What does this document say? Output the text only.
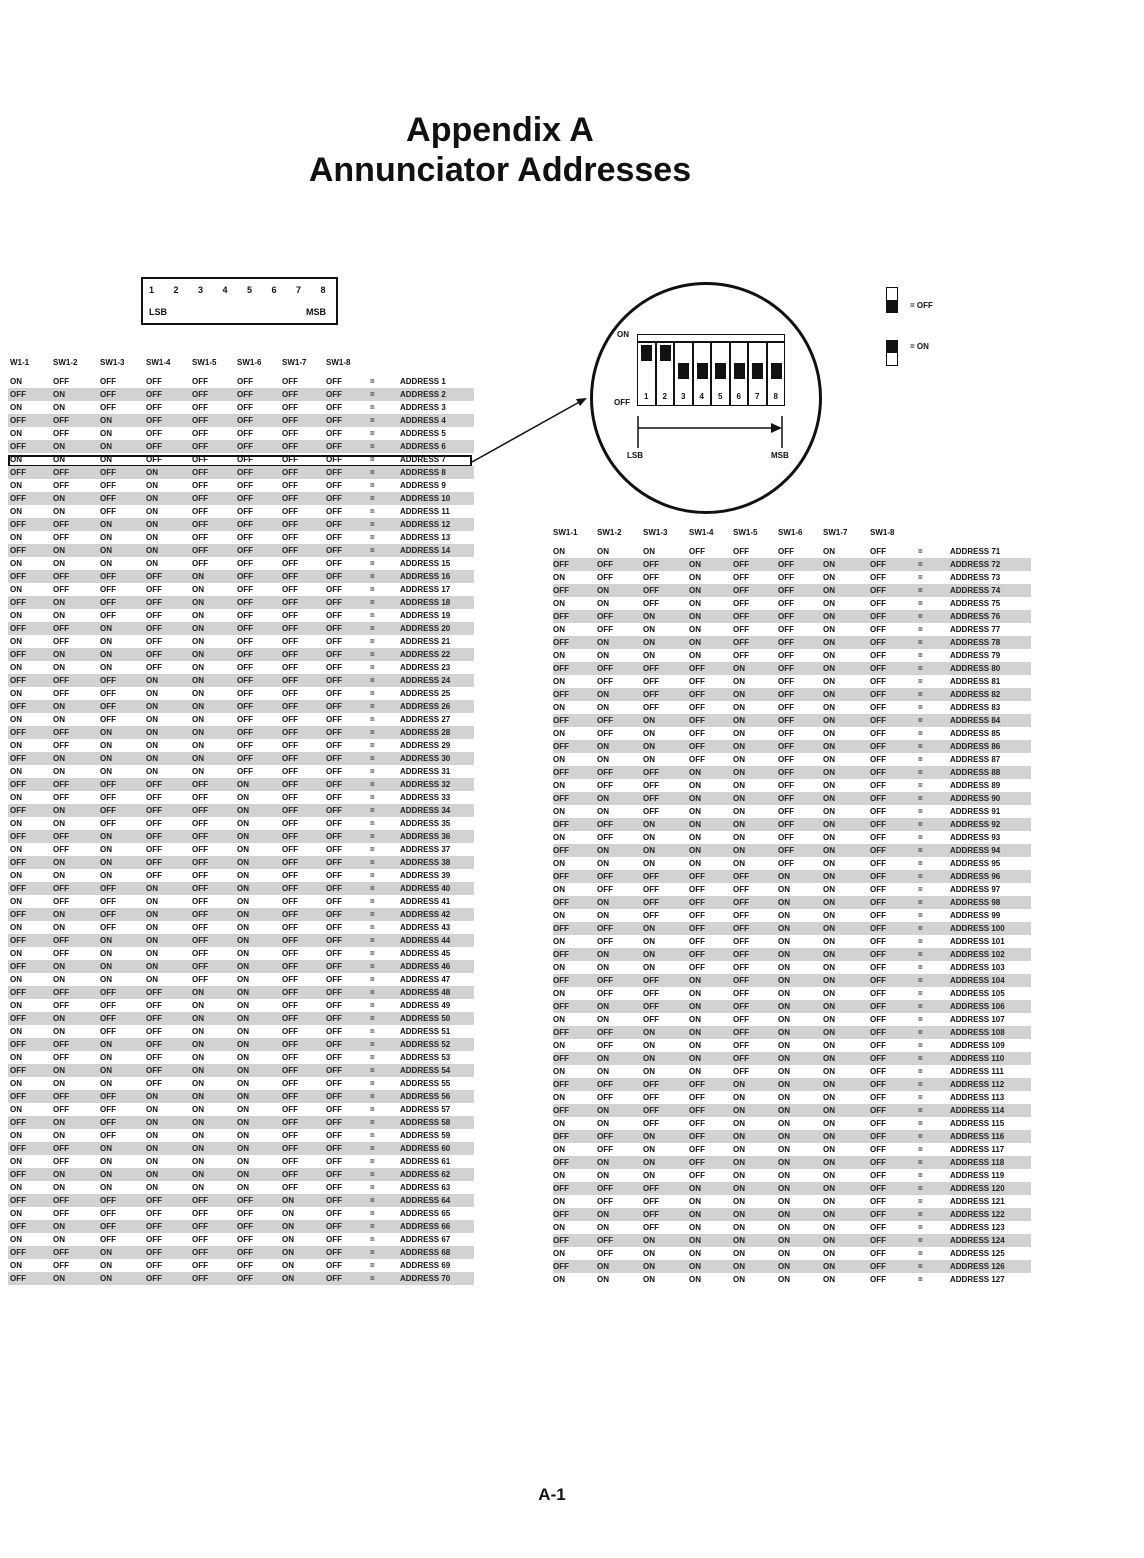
Appendix A
Annunciator Addresses
1	2	3	4	5	6	7	8
LSB	MSB
1	2	3	4	5	6	7	8
ON
OFF
LSB	MSB
= OFF
= ON
W1-1	SW1-2	SW1-3	SW1-4	SW1-5	SW1-6	SW1-7 SW1-8
ON	OFF	OFF	OFF	OFF	OFF	OFF	OFF	=	ADDRESS 1
OFF	ON	OFF	OFF	OFF	OFF	OFF	OFF	=	ADDRESS 2
ON	ON	OFF	OFF	OFF	OFF	OFF	OFF	=	ADDRESS 3
OFF	OFF	ON	OFF	OFF	OFF	OFF	OFF	=	ADDRESS 4
ON	OFF	ON	OFF	OFF	OFF	OFF	OFF	=	ADDRESS 5
OFF	ON	ON	OFF	OFF	OFF	OFF	OFF	=	ADDRESS 6
ON	ON	ON	OFF	OFF	OFF	OFF	OFF	=	ADDRESS 7
OFF	OFF	OFF	ON	OFF	OFF	OFF	OFF	=	ADDRESS 8
ON	OFF	OFF	ON	OFF	OFF	OFF	OFF	=	ADDRESS 9
OFF	ON	OFF	ON	OFF	OFF	OFF	OFF	=	ADDRESS 10
ON	ON	OFF	ON	OFF	OFF	OFF	OFF	=	ADDRESS 11
OFF	OFF	ON	ON	OFF	OFF	OFF	OFF	=	ADDRESS 12
ON	OFF	ON	ON	OFF	OFF	OFF	OFF	=	ADDRESS 13
OFF	ON	ON	ON	OFF	OFF	OFF	OFF	=	ADDRESS 14
ON	ON	ON	ON	OFF	OFF	OFF	OFF	=	ADDRESS 15
OFF	OFF	OFF	OFF	ON	OFF	OFF	OFF	=	ADDRESS 16
ON	OFF	OFF	OFF	ON	OFF	OFF	OFF	=	ADDRESS 17
OFF	ON	OFF	OFF	ON	OFF	OFF	OFF	=	ADDRESS 18
ON	ON	OFF	OFF	ON	OFF	OFF	OFF	=	ADDRESS 19
OFF	OFF	ON	OFF	ON	OFF	OFF	OFF	=	ADDRESS 20
ON	OFF	ON	OFF	ON	OFF	OFF	OFF	=	ADDRESS 21
OFF	ON	ON	OFF	ON	OFF	OFF	OFF	=	ADDRESS 22
ON	ON	ON	OFF	ON	OFF	OFF	OFF	=	ADDRESS 23
OFF	OFF	OFF	ON	ON	OFF	OFF	OFF	=	ADDRESS 24
ON	OFF	OFF	ON	ON	OFF	OFF	OFF	=	ADDRESS 25
OFF	ON	OFF	ON	ON	OFF	OFF	OFF	=	ADDRESS 26
ON	ON	OFF	ON	ON	OFF	OFF	OFF	=	ADDRESS 27
OFF	OFF	ON	ON	ON	OFF	OFF	OFF	=	ADDRESS 28
ON	OFF	ON	ON	ON	OFF	OFF	OFF	=	ADDRESS 29
OFF	ON	ON	ON	ON	OFF	OFF	OFF	=	ADDRESS 30
ON	ON	ON	ON	ON	OFF	OFF	OFF	=	ADDRESS 31
OFF	OFF	OFF	OFF	OFF	ON	OFF	OFF	=	ADDRESS 32
ON	OFF	OFF	OFF	OFF	ON	OFF	OFF	=	ADDRESS 33
OFF	ON	OFF	OFF	OFF	ON	OFF	OFF	=	ADDRESS 34
ON	ON	OFF	OFF	OFF	ON	OFF	OFF	=	ADDRESS 35
OFF	OFF	ON	OFF	OFF	ON	OFF	OFF	=	ADDRESS 36
ON	OFF	ON	OFF	OFF	ON	OFF	OFF	=	ADDRESS 37
OFF	ON	ON	OFF	OFF	ON	OFF	OFF	=	ADDRESS 38
ON	ON	ON	OFF	OFF	ON	OFF	OFF	=	ADDRESS 39
OFF	OFF	OFF	ON	OFF	ON	OFF	OFF	=	ADDRESS 40
ON	OFF	OFF	ON	OFF	ON	OFF	OFF	=	ADDRESS 41
OFF	ON	OFF	ON	OFF	ON	OFF	OFF	=	ADDRESS 42
ON	ON	OFF	ON	OFF	ON	OFF	OFF	=	ADDRESS 43
OFF	OFF	ON	ON	OFF	ON	OFF	OFF	=	ADDRESS 44
ON	OFF	ON	ON	OFF	ON	OFF	OFF	=	ADDRESS 45
OFF	ON	ON	ON	OFF	ON	OFF	OFF	=	ADDRESS 46
ON	ON	ON	ON	OFF	ON	OFF	OFF	=	ADDRESS 47
OFF	OFF	OFF	OFF	ON	ON	OFF	OFF	=	ADDRESS 48
ON	OFF	OFF	OFF	ON	ON	OFF	OFF	=	ADDRESS 49
OFF	ON	OFF	OFF	ON	ON	OFF	OFF	=	ADDRESS 50
ON	ON	OFF	OFF	ON	ON	OFF	OFF	=	ADDRESS 51
OFF	OFF	ON	OFF	ON	ON	OFF	OFF	=	ADDRESS 52
ON	OFF	ON	OFF	ON	ON	OFF	OFF	=	ADDRESS 53
OFF	ON	ON	OFF	ON	ON	OFF	OFF	=	ADDRESS 54
ON	ON	ON	OFF	ON	ON	OFF	OFF	=	ADDRESS 55
OFF	OFF	OFF	ON	ON	ON	OFF	OFF	=	ADDRESS 56
ON	OFF	OFF	ON	ON	ON	OFF	OFF	=	ADDRESS 57
OFF	ON	OFF	ON	ON	ON	OFF	OFF	=	ADDRESS 58
ON	ON	OFF	ON	ON	ON	OFF	OFF	=	ADDRESS 59
OFF	OFF	ON	ON	ON	ON	OFF	OFF	=	ADDRESS 60
ON	OFF	ON	ON	ON	ON	OFF	OFF	=	ADDRESS 61
OFF	ON	ON	ON	ON	ON	OFF	OFF	=	ADDRESS 62
ON	ON	ON	ON	ON	ON	OFF	OFF	=	ADDRESS 63
OFF	OFF	OFF	OFF	OFF	OFF	ON	OFF	=	ADDRESS 64
ON	OFF	OFF	OFF	OFF	OFF	ON	OFF	=	ADDRESS 65
OFF	ON	OFF	OFF	OFF	OFF	ON	OFF	=	ADDRESS 66
ON	ON	OFF	OFF	OFF	OFF	ON	OFF	=	ADDRESS 67
OFF	OFF	ON	OFF	OFF	OFF	ON	OFF	=	ADDRESS 68
ON	OFF	ON	OFF	OFF	OFF	ON	OFF	=	ADDRESS 69
OFF	ON	ON	OFF	OFF	OFF	ON	OFF	=	ADDRESS 70
SW1-1 SW1-2	SW1-3	SW1-4 SW1-5	SW1-6	SW1-7	SW1-8
ON	ON	ON	OFF	OFF	OFF	ON	OFF	=	ADDRESS 71
OFF	OFF	OFF	ON	OFF	OFF	ON	OFF	=	ADDRESS 72
ON	OFF	OFF	ON	OFF	OFF	ON	OFF	=	ADDRESS 73
OFF	ON	OFF	ON	OFF	OFF	ON	OFF	=	ADDRESS 74
ON	ON	OFF	ON	OFF	OFF	ON	OFF	=	ADDRESS 75
OFF	OFF	ON	ON	OFF	OFF	ON	OFF	=	ADDRESS 76
ON	OFF	ON	ON	OFF	OFF	ON	OFF	=	ADDRESS 77
OFF	ON	ON	ON	OFF	OFF	ON	OFF	=	ADDRESS 78
ON	ON	ON	ON	OFF	OFF	ON	OFF	=	ADDRESS 79
OFF	OFF	OFF	OFF	ON	OFF	ON	OFF	=	ADDRESS 80
ON	OFF	OFF	OFF	ON	OFF	ON	OFF	=	ADDRESS 81
OFF	ON	OFF	OFF	ON	OFF	ON	OFF	=	ADDRESS 82
ON	ON	OFF	OFF	ON	OFF	ON	OFF	=	ADDRESS 83
OFF	OFF	ON	OFF	ON	OFF	ON	OFF	=	ADDRESS 84
ON	OFF	ON	OFF	ON	OFF	ON	OFF	=	ADDRESS 85
OFF	ON	ON	OFF	ON	OFF	ON	OFF	=	ADDRESS 86
ON	ON	ON	OFF	ON	OFF	ON	OFF	=	ADDRESS 87
OFF	OFF	OFF	ON	ON	OFF	ON	OFF	=	ADDRESS 88
ON	OFF	OFF	ON	ON	OFF	ON	OFF	=	ADDRESS 89
OFF	ON	OFF	ON	ON	OFF	ON	OFF	=	ADDRESS 90
ON	ON	OFF	ON	ON	OFF	ON	OFF	=	ADDRESS 91
OFF	OFF	ON	ON	ON	OFF	ON	OFF	=	ADDRESS 92
ON	OFF	ON	ON	ON	OFF	ON	OFF	=	ADDRESS 93
OFF	ON	ON	ON	ON	OFF	ON	OFF	=	ADDRESS 94
ON	ON	ON	ON	ON	OFF	ON	OFF	=	ADDRESS 95
OFF	OFF	OFF	OFF	OFF	ON	ON	OFF	=	ADDRESS 96
ON	OFF	OFF	OFF	OFF	ON	ON	OFF	=	ADDRESS 97
OFF	ON	OFF	OFF	OFF	ON	ON	OFF	=	ADDRESS 98
ON	ON	OFF	OFF	OFF	ON	ON	OFF	=	ADDRESS 99
OFF	OFF	ON	OFF	OFF	ON	ON	OFF	=	ADDRESS 100
ON	OFF	ON	OFF	OFF	ON	ON	OFF	=	ADDRESS 101
OFF	ON	ON	OFF	OFF	ON	ON	OFF	=	ADDRESS 102
ON	ON	ON	OFF	OFF	ON	ON	OFF	=	ADDRESS 103
OFF	OFF	OFF	ON	OFF	ON	ON	OFF	=	ADDRESS 104
ON	OFF	OFF	ON	OFF	ON	ON	OFF	=	ADDRESS 105
OFF	ON	OFF	ON	OFF	ON	ON	OFF	=	ADDRESS 106
ON	ON	OFF	ON	OFF	ON	ON	OFF	=	ADDRESS 107
OFF	OFF	ON	ON	OFF	ON	ON	OFF	=	ADDRESS 108
ON	OFF	ON	ON	OFF	ON	ON	OFF	=	ADDRESS 109
OFF	ON	ON	ON	OFF	ON	ON	OFF	=	ADDRESS 110
ON	ON	ON	ON	OFF	ON	ON	OFF	=	ADDRESS 111
OFF	OFF	OFF	OFF	ON	ON	ON	OFF	=	ADDRESS 112
ON	OFF	OFF	OFF	ON	ON	ON	OFF	=	ADDRESS 113
OFF	ON	OFF	OFF	ON	ON	ON	OFF	=	ADDRESS 114
ON	ON	OFF	OFF	ON	ON	ON	OFF	=	ADDRESS 115
OFF	OFF	ON	OFF	ON	ON	ON	OFF	=	ADDRESS 116
ON	OFF	ON	OFF	ON	ON	ON	OFF	=	ADDRESS 117
OFF	ON	ON	OFF	ON	ON	ON	OFF	=	ADDRESS 118
ON	ON	ON	OFF	ON	ON	ON	OFF	=	ADDRESS 119
OFF	OFF	OFF	ON	ON	ON	ON	OFF	=	ADDRESS 120
ON	OFF	OFF	ON	ON	ON	ON	OFF	=	ADDRESS 121
OFF	ON	OFF	ON	ON	ON	ON	OFF	=	ADDRESS 122
ON	ON	OFF	ON	ON	ON	ON	OFF	=	ADDRESS 123
OFF	OFF	ON	ON	ON	ON	ON	OFF	=	ADDRESS 124
ON	OFF	ON	ON	ON	ON	ON	OFF	=	ADDRESS 125
OFF	ON	ON	ON	ON	ON	ON	OFF	=	ADDRESS 126
ON	ON	ON	ON	ON	ON	ON	OFF	=	ADDRESS 127
A-1
